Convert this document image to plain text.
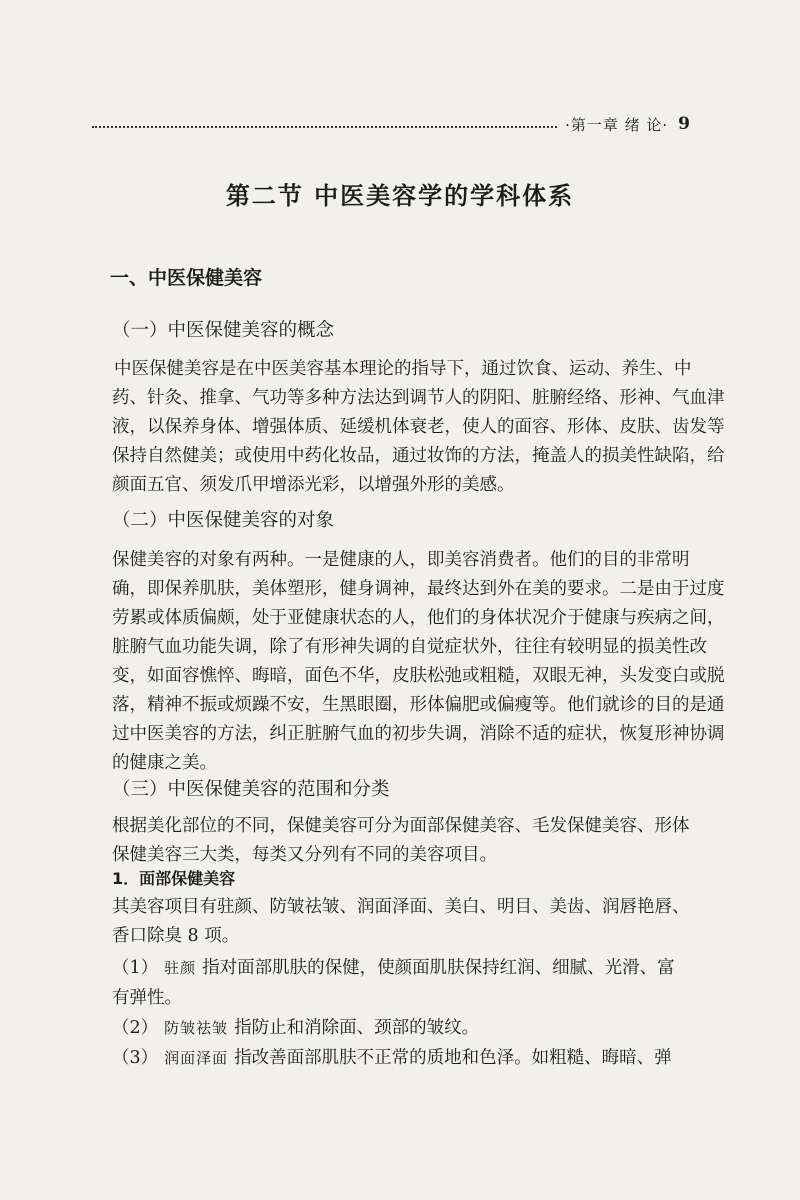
·第一章 绪 论· 9
第二节 中医美容学的学科体系
一、中医保健美容
（一）中医保健美容的概念
中医保健美容是在中医美容基本理论的指导下，通过饮食、运动、养生、中
药、针灸、推拿、气功等多种方法达到调节人的阴阳、脏腑经络、形神、气血津
液，以保养身体、增强体质、延缓机体衰老，使人的面容、形体、皮肤、齿发等
保持自然健美；或使用中药化妆品，通过妆饰的方法，掩盖人的损美性缺陷，给
颜面五官、须发爪甲增添光彩，以增强外形的美感。
（二）中医保健美容的对象
保健美容的对象有两种。一是健康的人，即美容消费者。他们的目的非常明
确，即保养肌肤，美体塑形，健身调神，最终达到外在美的要求。二是由于过度
劳累或体质偏颇，处于亚健康状态的人，他们的身体状况介于健康与疾病之间，
脏腑气血功能失调，除了有形神失调的自觉症状外，往往有较明显的损美性改
变，如面容憔悴、晦暗，面色不华，皮肤松弛或粗糙，双眼无神，头发变白或脱
落，精神不振或烦躁不安，生黑眼圈，形体偏肥或偏瘦等。他们就诊的目的是通
过中医美容的方法，纠正脏腑气血的初步失调，消除不适的症状，恢复形神协调
的健康之美。
（三）中医保健美容的范围和分类
根据美化部位的不同，保健美容可分为面部保健美容、毛发保健美容、形体
保健美容三大类，每类又分列有不同的美容项目。
1．面部保健美容
其美容项目有驻颜、防皱祛皱、润面泽面、美白、明目、美齿、润唇艳唇、
香口除臭 8 项。
（1） 驻颜 指对面部肌肤的保健，使颜面肌肤保持红润、细腻、光滑、富
有弹性。
（2） 防皱祛皱 指防止和消除面、颈部的皱纹。
（3） 润面泽面 指改善面部肌肤不正常的质地和色泽。如粗糙、晦暗、弹
